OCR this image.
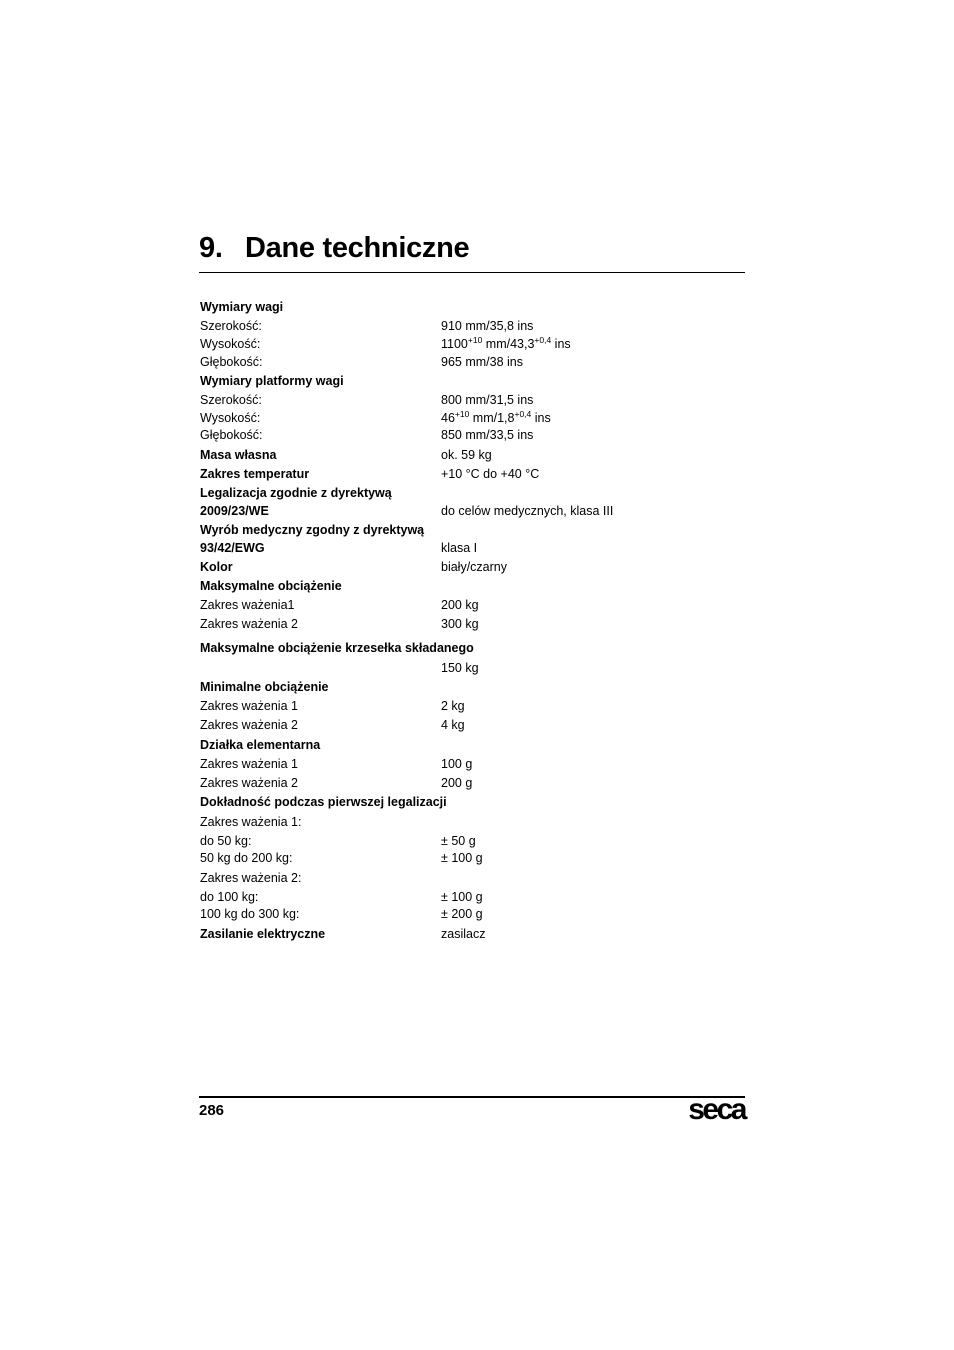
9. Dane techniczne
Wymiary wagi
Szerokość:	910 mm/35,8 ins
Wysokość:	$1100^{+10}$ $mm/43,3^{+0,4}$ ins
Głębokość:	965 mm/38 ins
Wymiary platformy wagi
Szerokość:	800 mm/31,5 ins
Wysokość:	$46^{+10}$ $mm/1,8^{+0,4}$ ins
Głębokość:	850 mm/33,5 ins
Masa własna	ok. 59 kg
Zakres temperatur	+10 °C do +40 °C
Legalizacja zgodnie z dyrektywą
2009/23/WE	do celów medycznych, klasa III
Wyrób medyczny zgodny z dyrektywą
93/42/EWG	klasa I
Kolor	biały/czarny
Maksymalne obciążenie
Zakres ważenia1	200 kg
Zakres ważenia 2	300 kg
Maksymalne obciążenie krzesełka składanego
150 kg
Minimalne obciążenie
Zakres ważenia 1	2 kg
Zakres ważenia 2	4 kg
Działka elementarna
Zakres ważenia 1	100 g
Zakres ważenia 2	200 g
Dokładność podczas pierwszej legalizacji
Zakres ważenia 1:
do 50 kg:	± 50 g
50 kg do 200 kg:	± 100 g
Zakres ważenia 2:
do 100 kg:	± 100 g
100 kg do 300 kg:	± 200 g
Zasilanie elektryczne	zasilacz
286	seca
